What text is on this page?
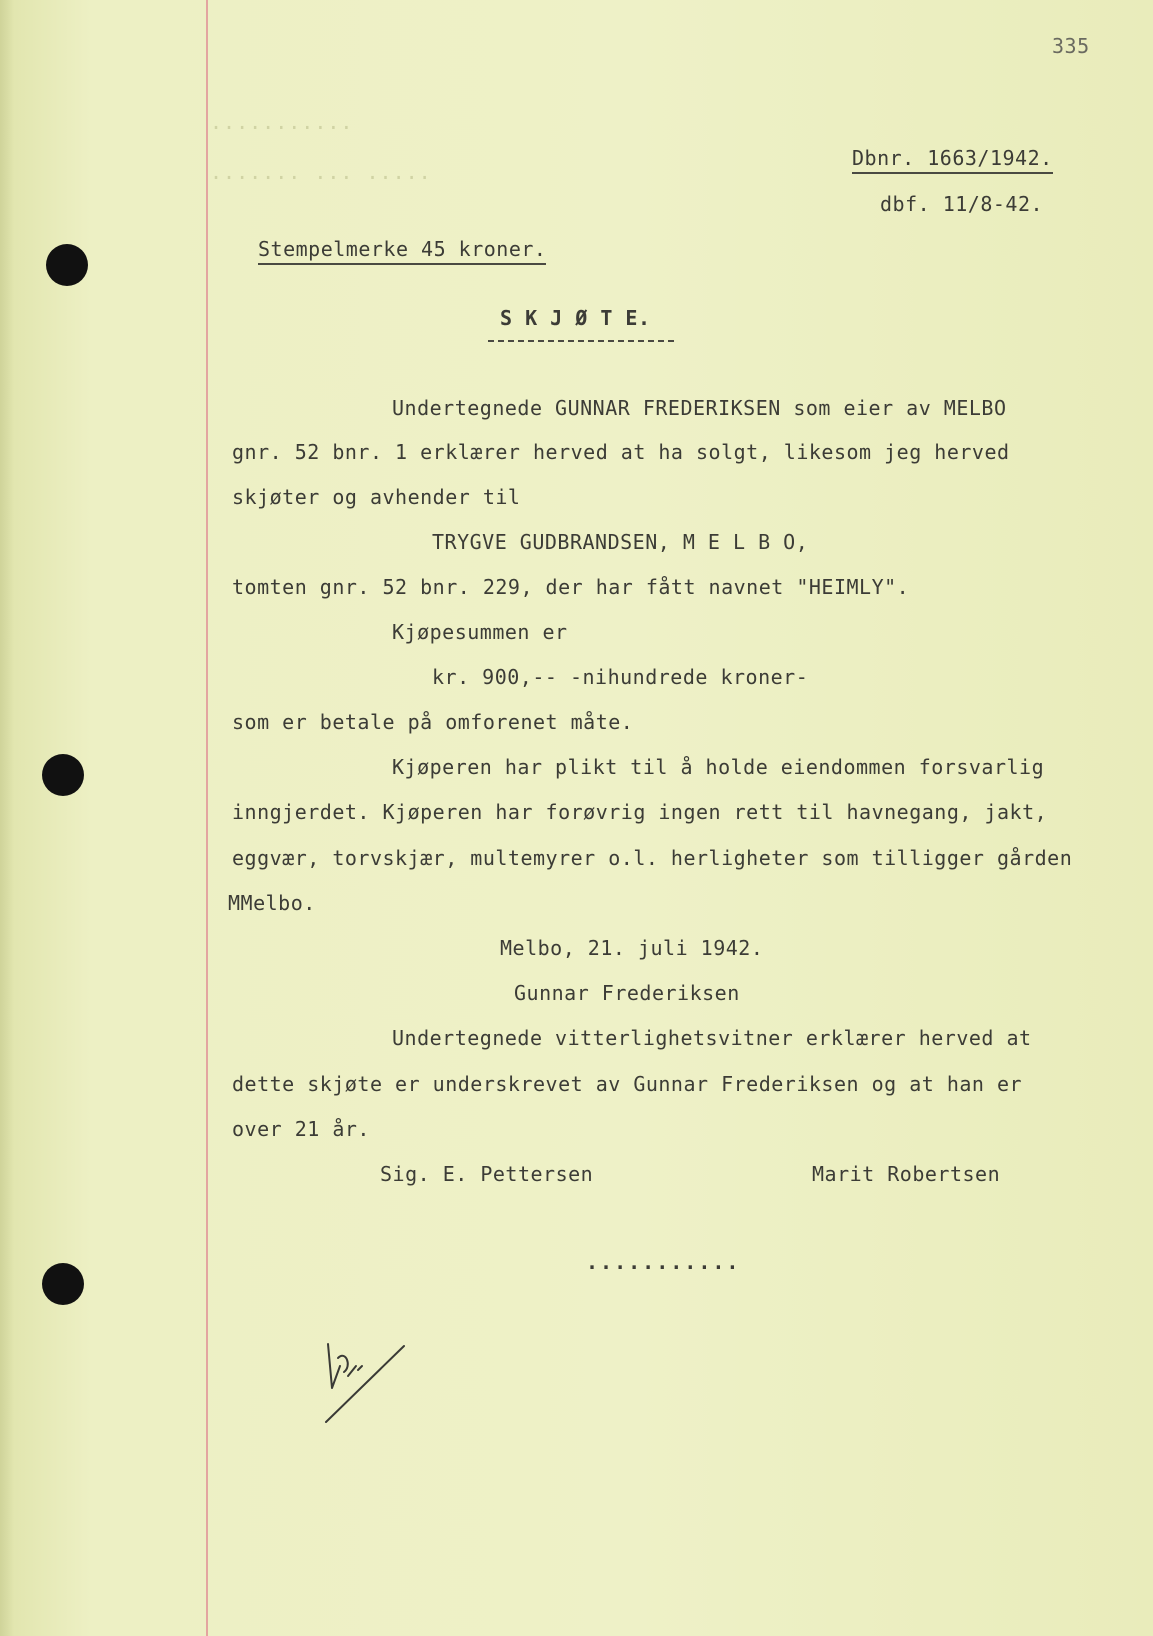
335
...........
....... ... .....
Dbnr. 1663/1942.
dbf. 11/8-42.
Stempelmerke 45 kroner.
S K J Ø T E.
Undertegnede GUNNAR FREDERIKSEN som eier av MELBO
gnr. 52 bnr. 1 erklærer herved at ha solgt, likesom jeg herved
skjøter og avhender til
TRYGVE GUDBRANDSEN, M E L B O,
tomten gnr. 52 bnr. 229, der har fått navnet "HEIMLY".
Kjøpesummen er
kr. 900,-- -nihundrede kroner-
som er betale på omforenet måte.
Kjøperen har plikt til å holde eiendommen forsvarlig
inngjerdet. Kjøperen har forøvrig ingen rett til havnegang, jakt,
eggvær, torvskjær, multemyrer o.l. herligheter som tilligger gården
MMelbo.
Melbo, 21. juli 1942.
Gunnar Frederiksen
Undertegnede vitterlighetsvitner erklærer herved at
dette skjøte er underskrevet av Gunnar Frederiksen og at han er
over 21 år.
Sig. E. Pettersen	Marit Robertsen
...........
